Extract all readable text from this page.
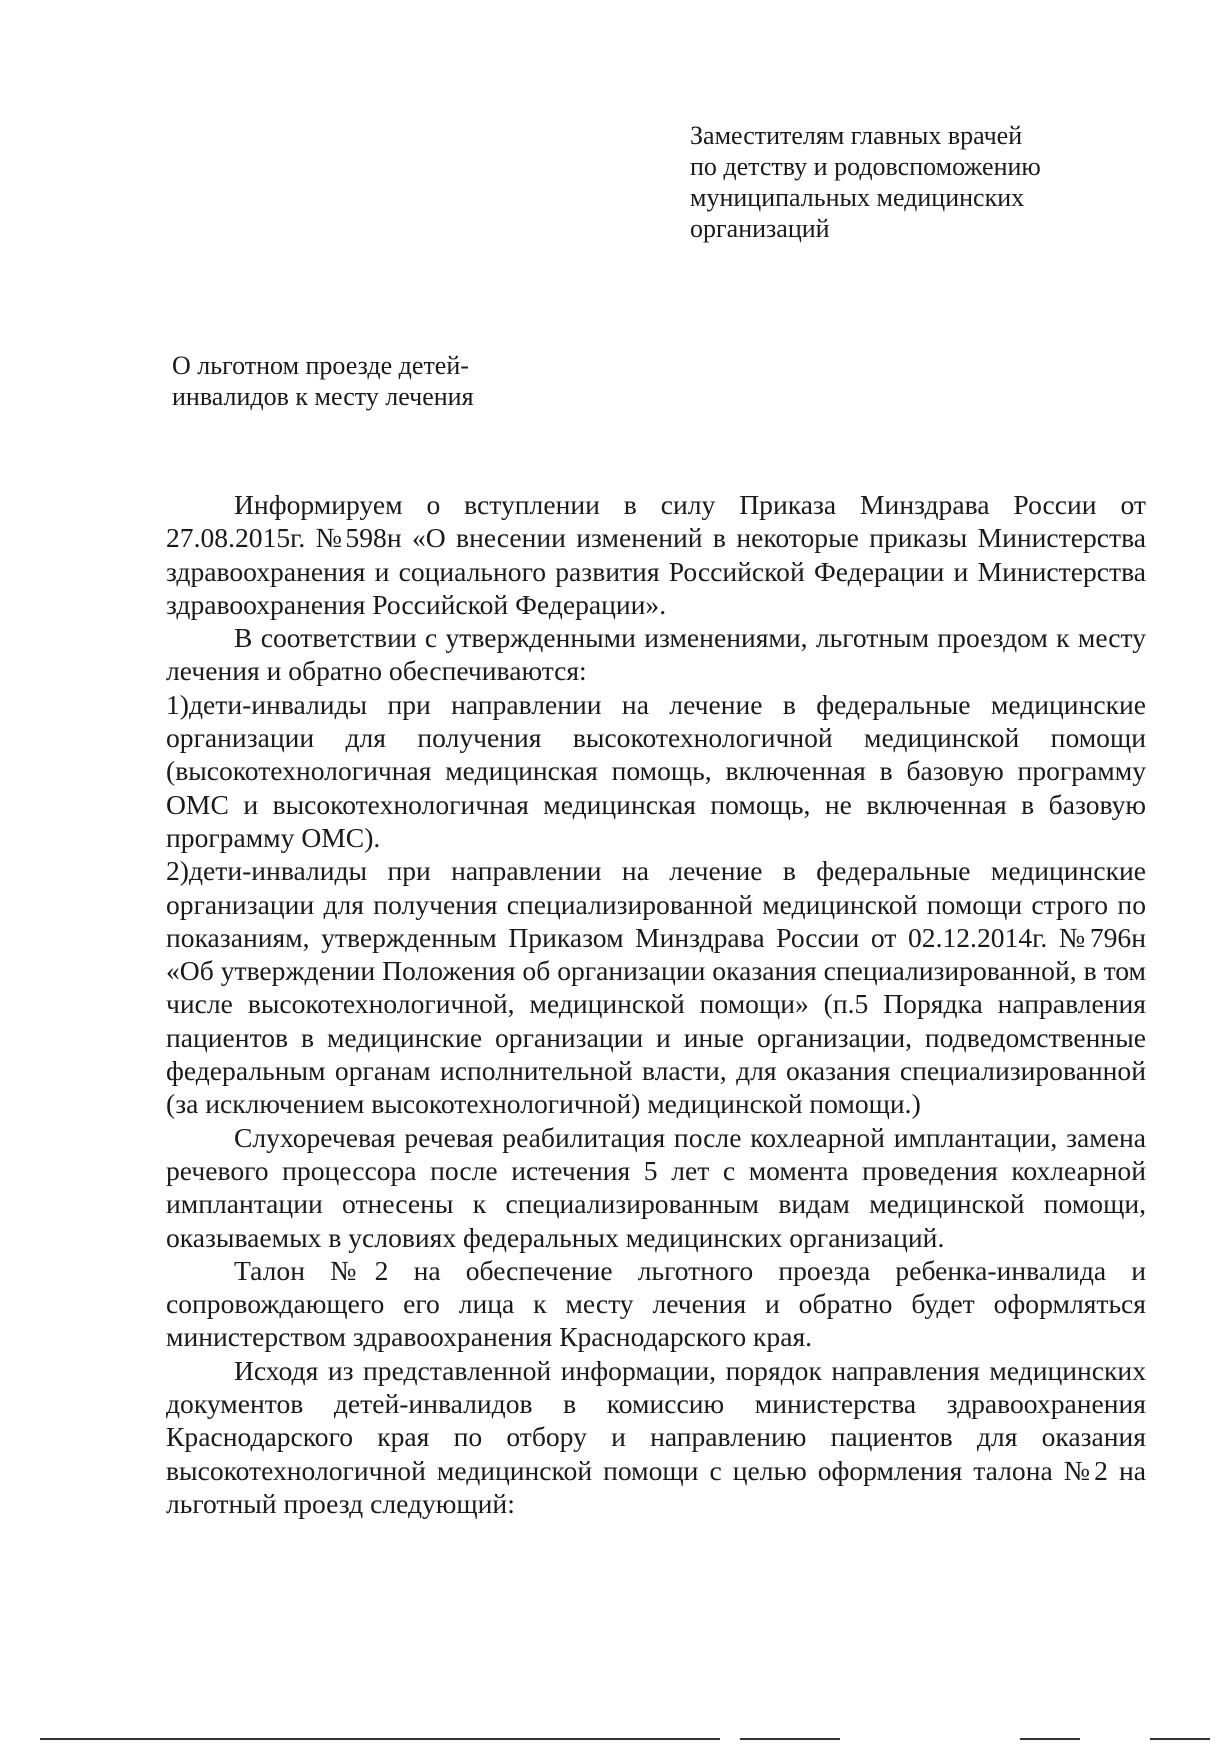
Заместителям главных врачей
по детству и родовспоможению
муниципальных медицинских
организаций
О льготном проезде детей-
инвалидов к месту лечения

Информируем о вступлении в силу Приказа Минздрава России от 27.08.2015г. №598н «О внесении изменений в некоторые приказы Министерства здравоохранения и социального развития Российской Федерации и Министерства здравоохранения Российской Федерации».

В соответствии с утвержденными изменениями, льготным проездом к месту лечения и обратно обеспечиваются:

1)дети-инвалиды при направлении на лечение в федеральные медицинские организации для получения высокотехнологичной медицинской помощи (высокотехнологичная медицинская помощь, включенная в базовую программу ОМС и высокотехнологичная медицинская помощь, не включенная в базовую программу ОМС).

2)дети-инвалиды при направлении на лечение в федеральные медицинские организации для получения специализированной медицинской помощи строго по показаниям, утвержденным Приказом Минздрава России от 02.12.2014г. №796н «Об утверждении Положения об организации оказания специализированной, в том числе высокотехнологичной, медицинской помощи» (п.5 Порядка направления пациентов в медицинские организации и иные организации, подведомственные федеральным органам исполнительной власти, для оказания специализированной (за исключением высокотехнологичной) медицинской помощи.)

Слухоречевая речевая реабилитация после кохлеарной имплантации, замена речевого процессора после истечения 5 лет с момента проведения кохлеарной имплантации отнесены к специализированным видам медицинской помощи, оказываемых в условиях федеральных медицинских организаций.

Талон №2 на обеспечение льготного проезда ребенка-инвалида и сопровождающего его лица к месту лечения и обратно будет оформляться министерством здравоохранения Краснодарского края.

Исходя из представленной информации, порядок направления медицинских документов детей-инвалидов в комиссию министерства здравоохранения Краснодарского края по отбору и направлению пациентов для оказания высокотехнологичной медицинской помощи с целью оформления талона №2 на льготный проезд следующий:
